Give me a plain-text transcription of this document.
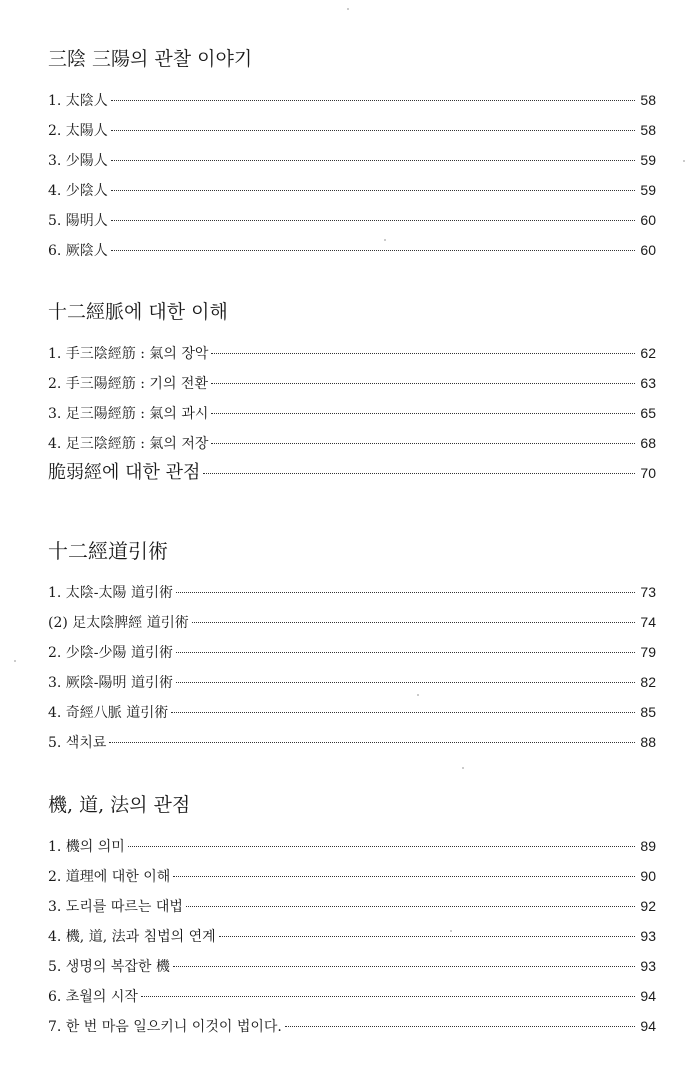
三陰 三陽의 관찰 이야기
1. 太陰人	58
2. 太陽人	58
3. 少陽人	59
4. 少陰人	59
5. 陽明人	60
6. 厥陰人	60
十二經脈에 대한 이해
1. 手三陰經筋 : 氣의 장악	62
2. 手三陽經筋 : 기의 전환	63
3. 足三陽經筋 : 氣의 과시	65
4. 足三陰經筋 : 氣의 저장	68
脆弱經에 대한 관점	70
十二經道引術
1. 太陰-太陽 道引術	73
(2) 足太陰脾經 道引術	74
2. 少陰-少陽 道引術	79
3. 厥陰-陽明 道引術	82
4. 奇經八脈 道引術	85
5. 색치료	88
機, 道, 法의 관점
1. 機의 의미	89
2. 道理에 대한 이해	90
3. 도리를 따르는 대법	92
4. 機, 道, 法과 침법의 연계	93
5. 생명의 복잡한 機	93
6. 초월의 시작	94
7. 한 번 마음 일으키니 이것이 법이다.	94
